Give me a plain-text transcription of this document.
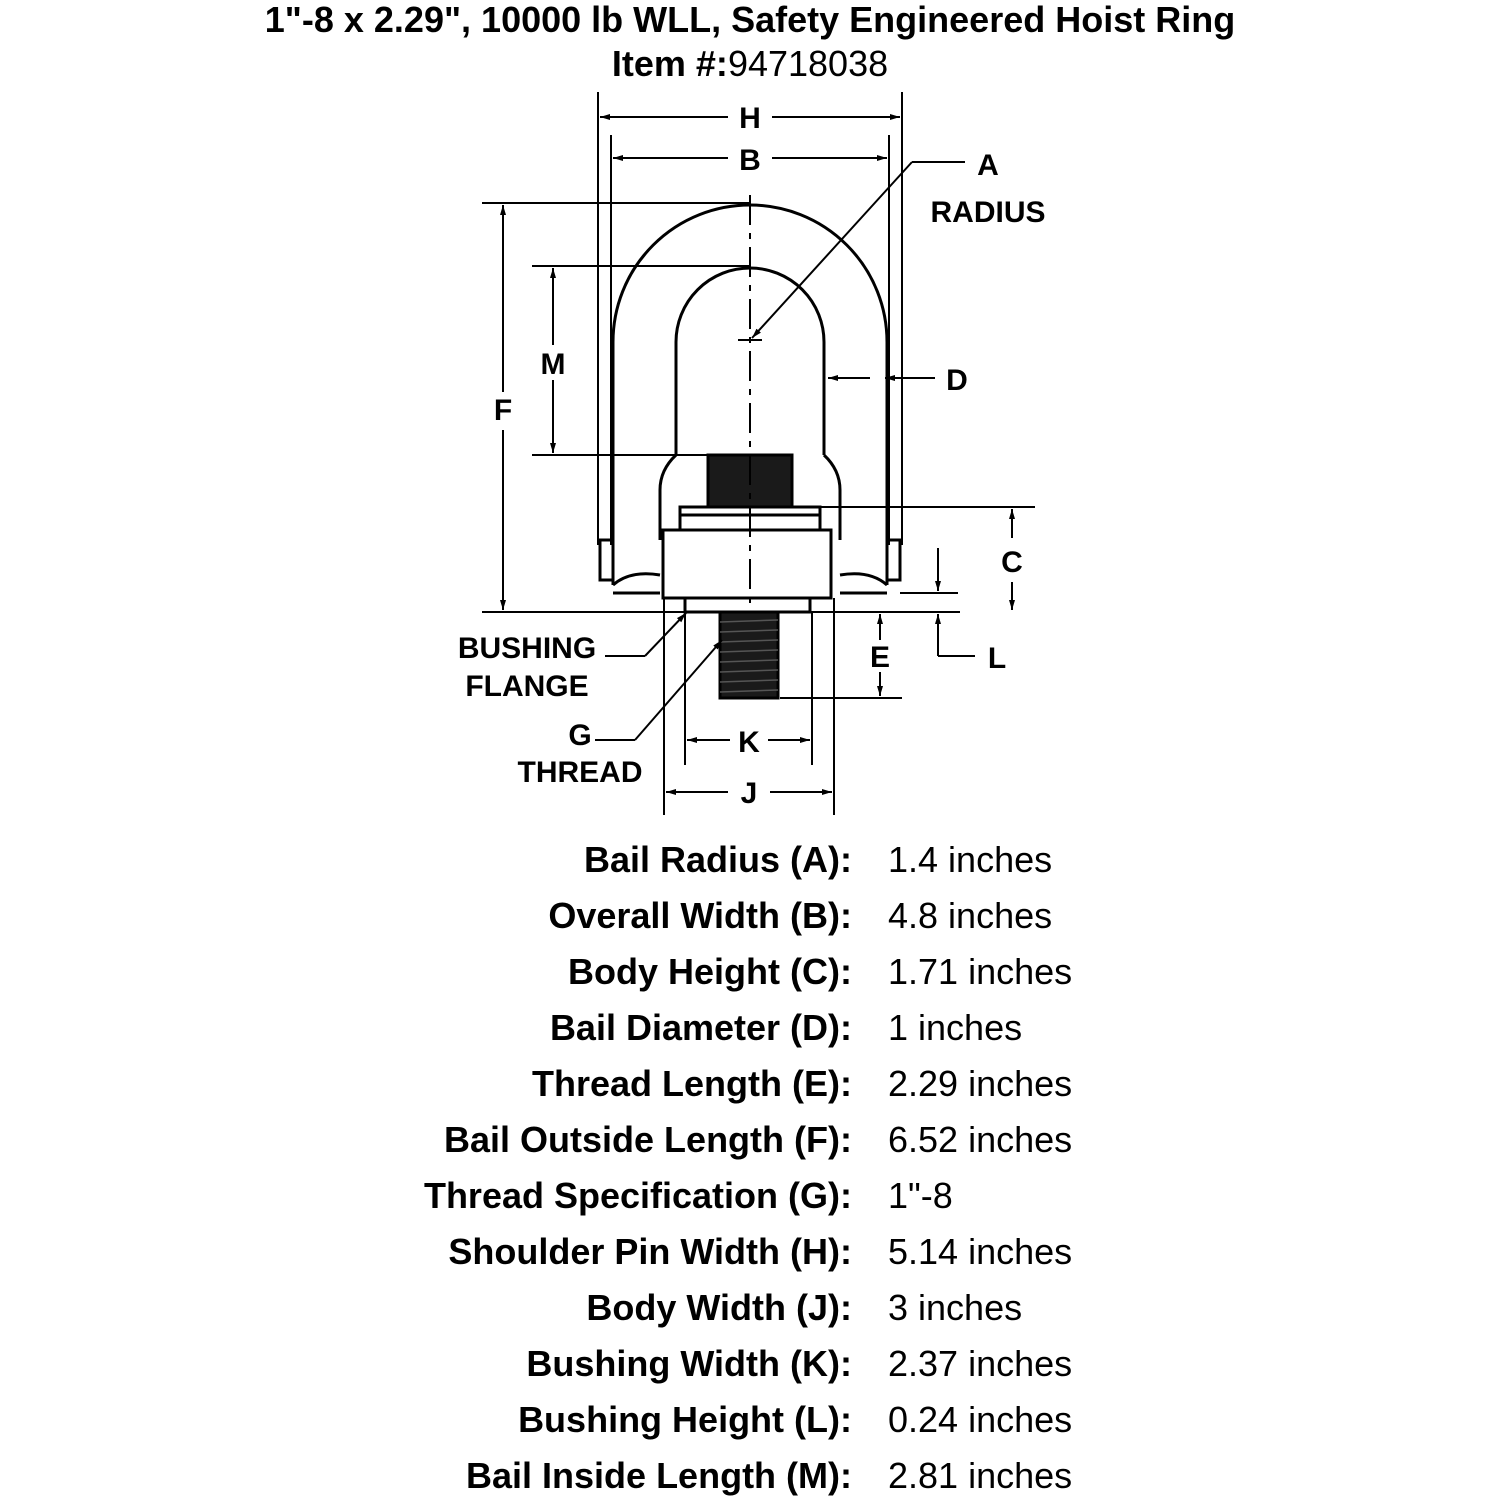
1"-8 x 2.29", 10000 lb WLL, Safety Engineered Hoist Ring
Item #:94718038
H
B	A
RADIUS
M
F
D
C
E	L
K
J
BUSHING
FLANGE
G
THREAD
Bail Radius (A): 1.4 inches
Overall Width (B): 4.8 inches
Body Height (C): 1.71 inches
Bail Diameter (D): 1 inches
Thread Length (E): 2.29 inches
Bail Outside Length (F): 6.52 inches
Thread Specification (G): 1"-8
Shoulder Pin Width (H): 5.14 inches
Body Width (J): 3 inches
Bushing Width (K): 2.37 inches
Bushing Height (L): 0.24 inches
Bail Inside Length (M): 2.81 inches
